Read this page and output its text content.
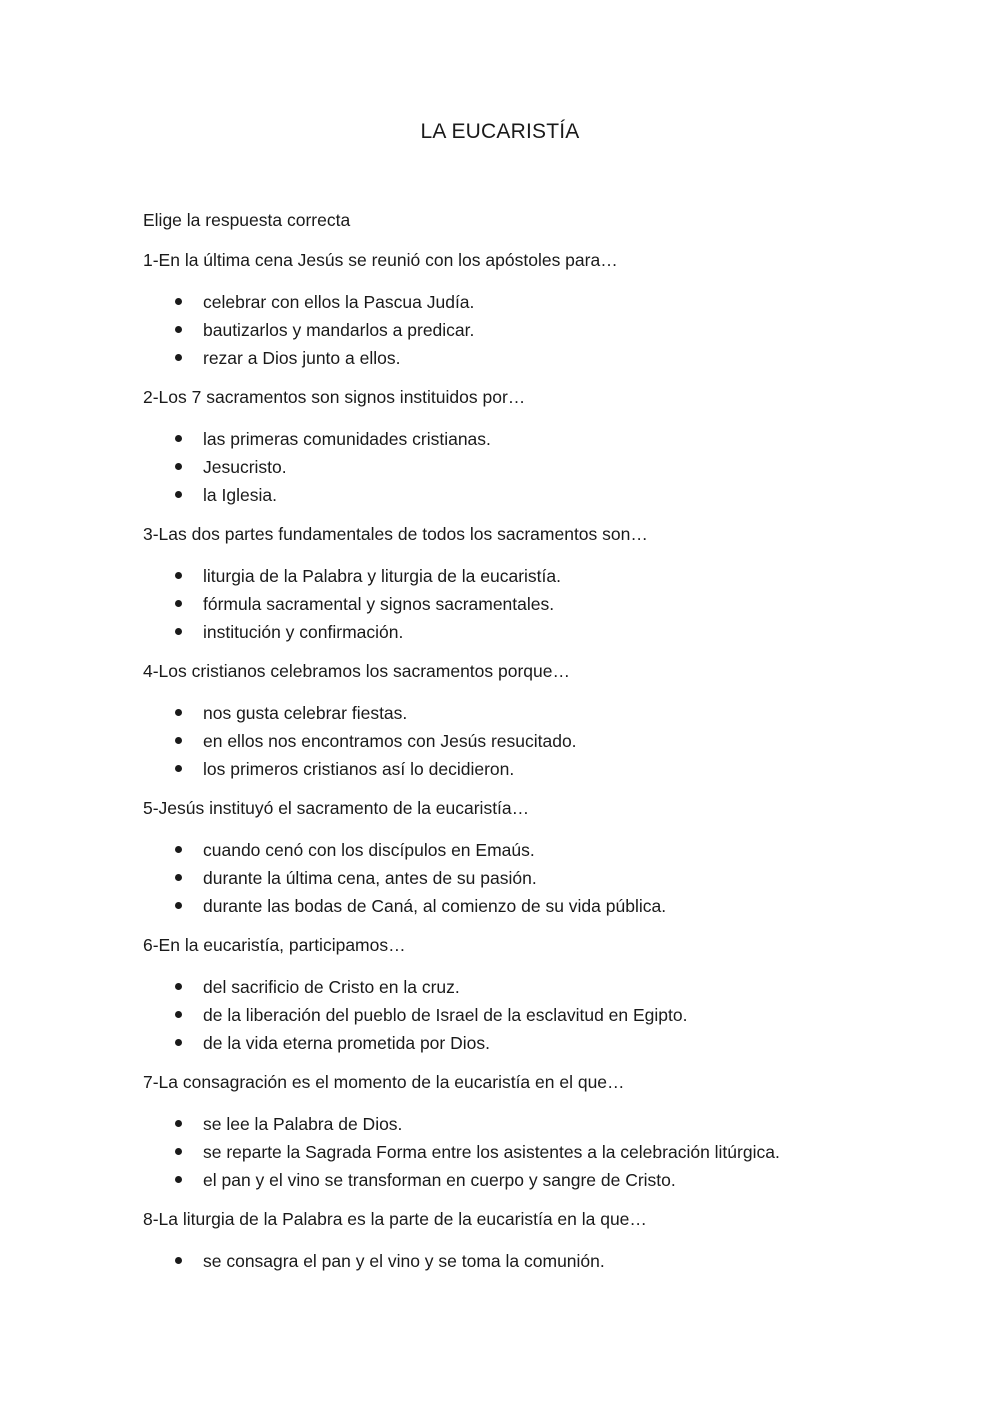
LA EUCARISTÍA

Elige la respuesta correcta

1-En la última cena Jesús se reunió con los apóstoles para…

celebrar con ellos la Pascua Judía.
bautizarlos y mandarlos a predicar.
rezar a Dios junto a ellos.

2-Los 7 sacramentos son signos instituidos por…

las primeras comunidades cristianas.
Jesucristo.
la Iglesia.

3-Las dos partes fundamentales de todos los sacramentos son…

liturgia de la Palabra y liturgia de la eucaristía.
fórmula sacramental y signos sacramentales.
institución y confirmación.

4-Los cristianos celebramos los sacramentos porque…

nos gusta celebrar fiestas.
en ellos nos encontramos con Jesús resucitado.
los primeros cristianos así lo decidieron.

5-Jesús instituyó el sacramento de la eucaristía…

cuando cenó con los discípulos en Emaús.
durante la última cena, antes de su pasión.
durante las bodas de Caná, al comienzo de su vida pública.

6-En la eucaristía, participamos…

del sacrificio de Cristo en la cruz.
de la liberación del pueblo de Israel de la esclavitud en Egipto.
de la vida eterna prometida por Dios.

7-La consagración es el momento de la eucaristía en el que…

se lee la Palabra de Dios.
se reparte la Sagrada Forma entre los asistentes a la celebración litúrgica.
el pan y el vino se transforman en cuerpo y sangre de Cristo.

8-La liturgia de la Palabra es la parte de la eucaristía en la que…

se consagra el pan y el vino y se toma la comunión.
